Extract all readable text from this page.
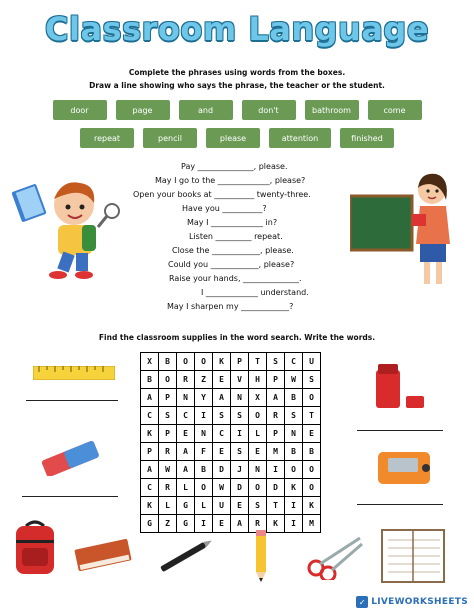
Classroom Language
Complete the phrases using words from the boxes.
Draw a line showing who says the phrase, the teacher or the student.
door	page	and	don't	bathroom	come
repeat	pencil	please	attention	finished
Pay ______________, please.
May I go to the _____________, please?
Open your books at __________ twenty-three.
Have you __________?
May I _____________ in?
Listen _________ repeat.
Close the ____________, please.
Could you ____________, please?
Raise your hands, ______________.
I _____________ understand.
May I sharpen my ____________?
Find the classroom supplies in the word search. Write the words.
X	B	O	O	K	P	T	S	C	U
B	O	R	Z	E	V	H	P	W	S
A	P	N	Y	A	N	X	A	B	O
C	S	C	I	S	S	O	R	S	T
K	P	E	N	C	I	L	P	N	E
P	R	A	F	E	S	E	M	B	B
A	W	A	B	D	J	N	I	O	O
C	R	L	O	W	D	O	D	K	O
K	L	G	L	U	E	S	T	I	K
G	Z	G	I	E	A	R	K	I	M
✓ LIVEWORKSHEETS
